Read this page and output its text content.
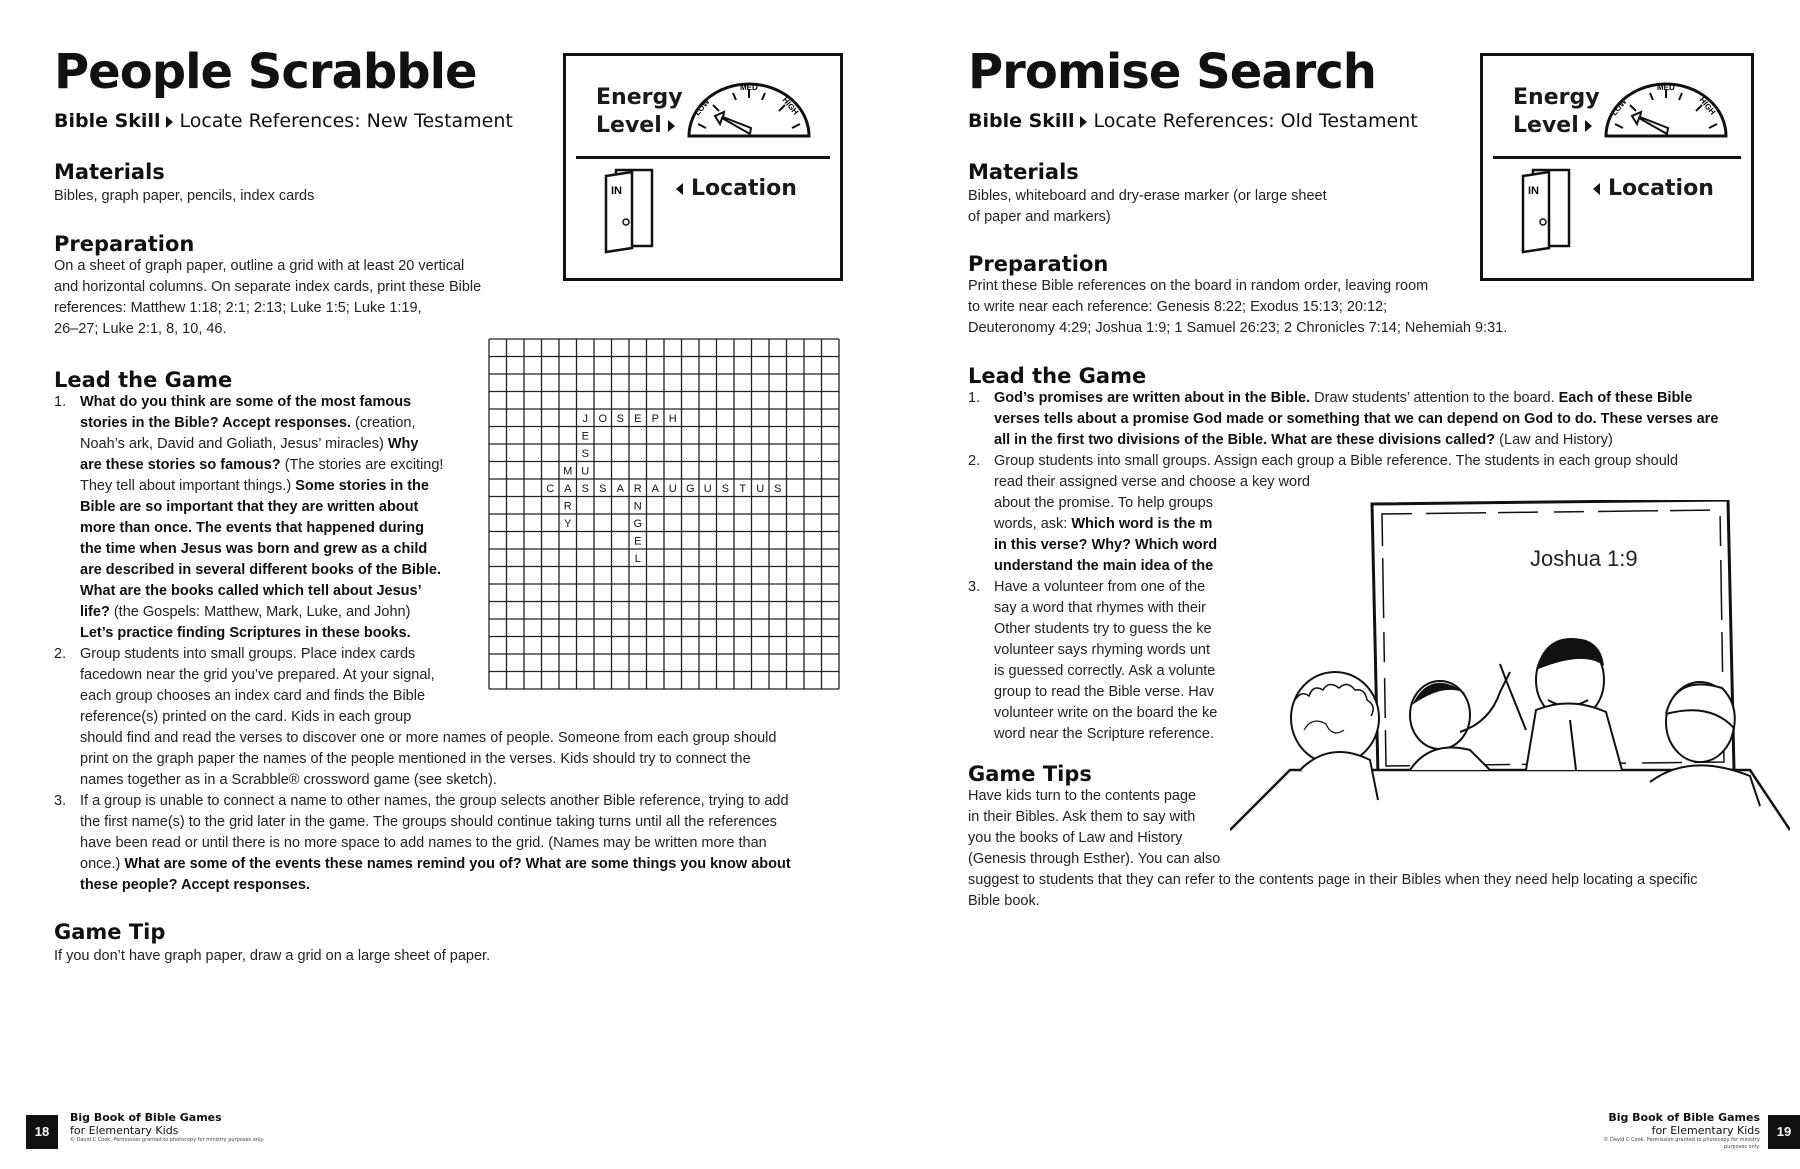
People Scrabble
Bible Skill Locate References: New Testament
Energy
Level
LOW
MED
HIGH
IN	Location
Materials
Bibles, graph paper, pencils, index cards
Preparation
On a sheet of graph paper, outline a grid with at least 20 vertical
and horizontal columns. On separate index cards, print these Bible
references: Matthew 1:18; 2:1; 2:13; Luke 1:5; Luke 1:19,
26–27; Luke 2:1, 8, 10, 46.
J O S E P H
E
S
U
S
C A	S A R A U G U S T U S
M
R
Y
N
G
E
L
Lead the Game
1. What do you think are some of the most famous
stories in the Bible? Accept responses. (creation,
Noah’s ark, David and Goliath, Jesus’ miracles) Why
are these stories so famous? (The stories are exciting!
They tell about important things.) Some stories in the
Bible are so important that they are written about
more than once. The events that happened during
the time when Jesus was born and grew as a child
are described in several different books of the Bible.
What are the books called which tell about Jesus’
life? (the Gospels: Matthew, Mark, Luke, and John)
Let’s practice finding Scriptures in these books.
2. Group students into small groups. Place index cards
facedown near the grid you’ve prepared. At your signal,
each group chooses an index card and finds the Bible
reference(s) printed on the card. Kids in each group
should find and read the verses to discover one or more names of people. Someone from each group should
print on the graph paper the names of the people mentioned in the verses. Kids should try to connect the
names together as in a Scrabble® crossword game (see sketch).
3. If a group is unable to connect a name to other names, the group selects another Bible reference, trying to add
the first name(s) to the grid later in the game. The groups should continue taking turns until all the references
have been read or until there is no more space to add names to the grid. (Names may be written more than
once.) What are some of the events these names remind you of? What are some things you know about
these people? Accept responses.
Game Tip
If you don’t have graph paper, draw a grid on a large sheet of paper.
18
Big Book of Bible Games
for Elementary Kids
© David C Cook. Permission granted to photocopy for ministry purposes only.
Promise Search
Bible Skill Locate References: Old Testament
Energy
Level
LOW
MED
HIGH
IN	Location
Materials
Bibles, whiteboard and dry-erase marker (or large sheet
of paper and markers)
Preparation
Print these Bible references on the board in random order, leaving room
to write near each reference: Genesis 8:22; Exodus 15:13; 20:12;
Deuteronomy 4:29; Joshua 1:9; 1 Samuel 26:23; 2 Chronicles 7:14; Nehemiah 9:31.
Lead the Game
1. God’s promises are written about in the Bible. Draw students’ attention to the board. Each of these Bible
verses tells about a promise God made or something that we can depend on God to do. These verses are
all in the first two divisions of the Bible. What are these divisions called? (Law and History)
2. Group students into small groups. Assign each group a Bible reference. The students in each group should
read their assigned verse and choose a key word
about the promise. To help groups
words, ask: Which word is the m
in this verse? Why? Which word
understand the main idea of the
3. Have a volunteer from one of the
say a word that rhymes with their
Other students try to guess the ke
volunteer says rhyming words unt
is guessed correctly. Ask a volunte
group to read the Bible verse. Hav
volunteer write on the board the ke
word near the Scripture reference.
Joshua 1:9
Game Tips
Have kids turn to the contents page
in their Bibles. Ask them to say with
you the books of Law and History
(Genesis through Esther). You can also
suggest to students that they can refer to the contents page in their Bibles when they need help locating a specific
Bible book.
Big Book of Bible Games
for Elementary Kids
© David C Cook. Permission granted to photocopy for ministry purposes only.
19
